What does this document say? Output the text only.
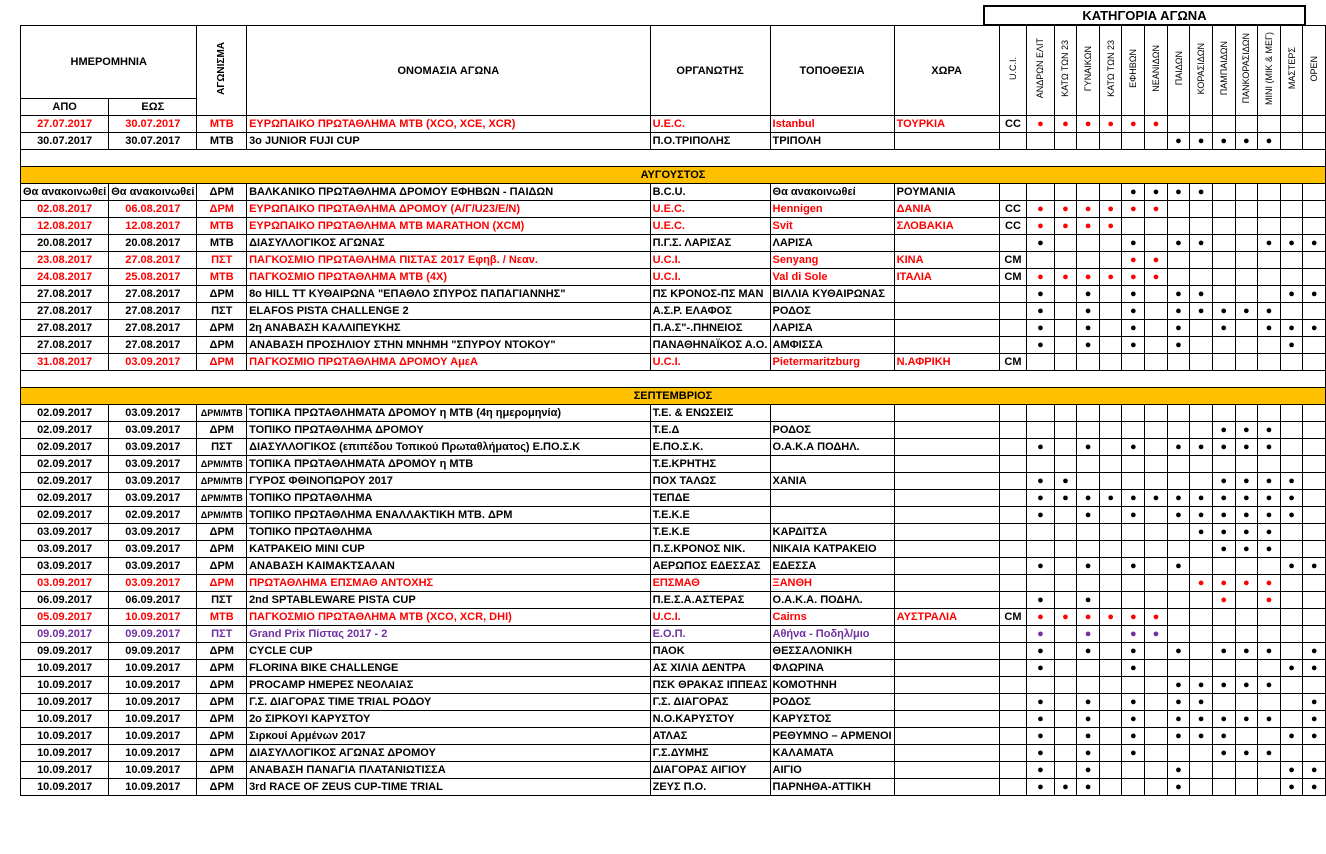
ΚΑΤΗΓΟΡΙΑ ΑΓΩΝΑ
ΗΜΕΡΟΜΗΝΙΑ		ΑΓΩΝΙΣΜΑ	ΟΝΟΜΑΣΙΑ ΑΓΩΝΑ	ΟΡΓΑΝΩΤΗΣ	ΤΟΠΟΘΕΣΙΑ	ΧΩΡΑ	U.C.I.	ΑΝΔΡΩΝ ΕΛΙΤ	ΚΑΤΩ ΤΩΝ 23	ΓΥΝΑΙΚΩΝ	ΚΑΤΩ ΤΩΝ 23	ΕΦΗΒΩΝ	ΝΕΑΝΙΔΩΝ	ΠΑΙΔΩΝ	ΚΟΡΑΣΙΔΩΝ	ΠΑΜΠΑΙΔΩΝ	ΠΑΝΚΟΡΑΣΙΔΩΝ	ΜΙΝΙ (ΜΙΚ & ΜΕΓ)	ΜΑΣΤΕΡΣ	OPEN
ΑΠΟ	ΕΩΣ																			
27.07.2017	30.07.2017	MTB	ΕΥΡΩΠΑΙΚΟ ΠΡΩΤΑΘΛΗΜΑ MTB (XCO, XCE, XCR)	U.E.C.	Istanbul	ΤΟΥΡΚΙΑ	CC	●	●	●	●	●	●							
30.07.2017	30.07.2017	MTB	3o JUNIOR FUJI CUP	Π.Ο.ΤΡΙΠΟΛΗΣ	ΤΡΙΠΟΛΗ									●	●	●	●	●		

ΑΥΓΟΥΣΤΟΣ																				
Θα ανακοινωθεί	Θα ανακοινωθεί	ΔΡΜ	ΒΑΛΚΑΝΙΚΟ ΠΡΩΤΑΘΛΗΜΑ ΔΡΟΜΟΥ ΕΦΗΒΩΝ - ΠΑΙΔΩΝ	B.C.U.	Θα ανακοινωθεί	ΡΟΥΜΑΝΙΑ						●	●	●	●					
02.08.2017	06.08.2017	ΔΡΜ	ΕΥΡΩΠΑΙΚΟ ΠΡΩΤΑΘΛΗΜΑ ΔΡΟΜΟΥ (Α/Γ/U23/Ε/Ν)	U.E.C.	Hennigen	ΔΑΝΙΑ	CC	●	●	●	●	●	●							
12.08.2017	12.08.2017	MTB	ΕΥΡΩΠΑΙΚΟ ΠΡΩΤΑΘΛΗΜΑ MTB MARATHON (XCM)	U.E.C.	Svit	ΣΛΟΒΑΚΙΑ	CC	●	●	●	●									
20.08.2017	20.08.2017	MTB	ΔΙΑΣΥΛΛΟΓΙΚΟΣ ΑΓΩΝΑΣ	Π.Γ.Σ. ΛΑΡΙΣΑΣ	ΛΑΡΙΣΑ			●				●		●	●			●	●	●
23.08.2017	27.08.2017	ΠΣΤ	ΠΑΓΚΟΣΜΙΟ ΠΡΩΤΑΘΛΗΜΑ ΠΙΣΤΑΣ 2017 Εφηβ. / Νεαν.	U.C.I.	Senyang	ΚΙΝΑ	CM					●	●							
24.08.2017	25.08.2017	MTB	ΠΑΓΚΟΣΜΙΟ ΠΡΩΤΑΘΛΗΜΑ MTB (4X)	U.C.I.	Val di Sole	ΙΤΑΛΙΑ	CM	●	●	●	●	●	●							
27.08.2017	27.08.2017	ΔΡΜ	8o HILL TT ΚΥΘΑΙΡΩΝΑ "ΕΠΑΘΛΟ ΣΠΥΡΟΣ ΠΑΠΑΓΙΑΝΝΗΣ"	ΠΣ ΚΡΟΝΟΣ-ΠΣ ΜΑΝ	ΒΙΛΛΙΑ ΚΥΘΑΙΡΩΝΑΣ			●		●		●		●	●				●	●
27.08.2017	27.08.2017	ΠΣΤ	ELAFOS PISTA CHALLENGE 2	Α.Σ.Ρ. ΕΛΑΦΟΣ	ΡΟΔΟΣ			●		●		●		●	●	●	●	●		
27.08.2017	27.08.2017	ΔΡΜ	2η ΑΝΑΒΑΣΗ ΚΑΛΛΙΠΕΥΚΗΣ	Π.Α.Σ"-.ΠΗΝΕΙΟΣ	ΛΑΡΙΣΑ			●		●		●		●		●		●	●	●
27.08.2017	27.08.2017	ΔΡΜ	ΑΝΑΒΑΣΗ ΠΡΟΣΗΛΙΟΥ ΣΤΗΝ ΜΝΗΜΗ "ΣΠΥΡΟΥ ΝΤΟΚΟΥ"	ΠΑΝΑΘΗΝΑΪΚΟΣ Α.Ο.	ΑΜΦΙΣΣΑ			●		●		●		●					●	
31.08.2017	03.09.2017	ΔΡΜ	ΠΑΓΚΟΣΜΙΟ ΠΡΩΤΑΘΛΗΜΑ ΔΡΟΜΟΥ ΑμεΑ	U.C.I.	Pietermaritzburg	Ν.ΑΦΡΙΚΗ	CM													

ΣΕΠΤΕΜΒΡΙΟΣ																				
02.09.2017	03.09.2017	ΔΡΜ/ΜΤΒ	ΤΟΠΙΚΑ ΠΡΩΤΑΘΛΗΜΑΤΑ ΔΡΟΜΟΥ η MTB (4η ημερομηνία)	Τ.Ε. & ΕΝΩΣΕΙΣ																
02.09.2017	03.09.2017	ΔΡΜ	ΤΟΠΙΚΟ ΠΡΩΤΑΘΛΗΜΑ ΔΡΟΜΟΥ	Τ.Ε.Δ	ΡΟΔΟΣ											●	●	●		
02.09.2017	03.09.2017	ΠΣΤ	ΔΙΑΣΥΛΛΟΓΙΚΟΣ (επιπέδου Τοπικού Πρωταθλήματος) Ε.ΠΟ.Σ.Κ	Ε.ΠΟ.Σ.Κ.	Ο.Α.Κ.Α ΠΟΔΗΛ.			●		●		●		●	●	●	●	●		
02.09.2017	03.09.2017	ΔΡΜ/ΜΤΒ	ΤΟΠΙΚΑ ΠΡΩΤΑΘΛΗΜΑΤΑ ΔΡΟΜΟΥ η MTB	Τ.Ε.ΚΡΗΤΗΣ																
02.09.2017	03.09.2017	ΔΡΜ/ΜΤΒ	ΓΥΡΟΣ ΦΘΙΝΟΠΩΡΟΥ 2017	ΠΟΧ ΤΑΛΩΣ	ΧΑΝΙΑ			●	●							●	●	●	●	
02.09.2017	03.09.2017	ΔΡΜ/ΜΤΒ	ΤΟΠΙΚΟ ΠΡΩΤΑΘΛΗΜΑ	ΤΕΠΔΕ				●	●	●	●	●	●	●	●	●	●	●	●	
02.09.2017	02.09.2017	ΔΡΜ/ΜΤΒ	ΤΟΠΙΚΟ ΠΡΩΤΑΘΛΗΜΑ ΕΝΑΛΛΑΚΤΙΚΗ MTB. ΔΡΜ	Τ.Ε.Κ.Ε				●		●		●		●	●	●	●	●	●	
03.09.2017	03.09.2017	ΔΡΜ	ΤΟΠΙΚΟ ΠΡΩΤΑΘΛΗΜΑ	Τ.Ε.Κ.Ε	ΚΑΡΔΙΤΣΑ										●	●	●	●		
03.09.2017	03.09.2017	ΔΡΜ	ΚΑΤΡΑΚΕΙΟ MINI CUP	Π.Σ.ΚΡΟΝΟΣ ΝΙΚ.	ΝΙΚΑΙΑ ΚΑΤΡΑΚΕΙΟ											●	●	●		
03.09.2017	03.09.2017	ΔΡΜ	ΑΝΑΒΑΣΗ ΚΑΙΜΑΚΤΣΑΛΑΝ	ΑΕΡΩΠΟΣ ΕΔΕΣΣΑΣ	ΕΔΕΣΣΑ			●		●		●		●					●	●
03.09.2017	03.09.2017	ΔΡΜ	ΠΡΩΤΑΘΛΗΜΑ ΕΠΣΜΑΘ ΑΝΤΟΧΗΣ	ΕΠΣΜΑΘ	ΞΑΝΘΗ										●	●	●	●		
06.09.2017	06.09.2017	ΠΣΤ	2nd SPTABLEWARE PISTA CUP	Π.Ε.Σ.Α.ΑΣΤΕΡΑΣ	Ο.Α.Κ.Α. ΠΟΔΗΛ.			●		●						●		●		
05.09.2017	10.09.2017	MTB	ΠΑΓΚΟΣΜΙΟ ΠΡΩΤΑΘΛΗΜΑ MTB (XCO, XCR, DHI)	U.C.I.	Cairns	ΑΥΣΤΡΑΛΙΑ	CM	●	●	●	●	●	●							
09.09.2017	09.09.2017	ΠΣΤ	Grand Prix Πίστας 2017 - 2	Ε.Ο.Π.	Αθήνα - Ποδηλ/μιο			●		●		●	●							
09.09.2017	09.09.2017	ΔΡΜ	CYCLE CUP	ΠΑΟΚ	ΘΕΣΣΑΛΟΝΙΚΗ			●		●		●		●		●	●	●		●
10.09.2017	10.09.2017	ΔΡΜ	FLORINA BIKE CHALLENGE	ΑΣ ΧΙΛΙΑ ΔΕΝΤΡΑ	ΦΛΩΡΙΝΑ			●				●							●	●
10.09.2017	10.09.2017	ΔΡΜ	PROCAMP ΗΜΕΡΕΣ ΝΕΟΛΑΙΑΣ	ΠΣΚ ΘΡΑΚΑΣ ΙΠΠΕΑΣ	ΚΟΜΟΤΗΝΗ									●	●	●	●	●		
10.09.2017	10.09.2017	ΔΡΜ	Γ.Σ. ΔΙΑΓΟΡΑΣ TIME TRIAL ΡΟΔΟΥ	Γ.Σ. ΔΙΑΓΟΡΑΣ	ΡΟΔΟΣ			●		●		●		●	●					●
10.09.2017	10.09.2017	ΔΡΜ	2o ΣΙΡΚΟΥΙ ΚΑΡΥΣΤΟΥ	Ν.Ο.ΚΑΡΥΣΤΟΥ	ΚΑΡΥΣΤΟΣ			●		●		●		●	●	●	●	●		●
10.09.2017	10.09.2017	ΔΡΜ	Σιρκουί Αρμένων 2017	ΑΤΛΑΣ	ΡΕΘΥΜΝΟ – ΑΡΜΕΝΟΙ			●		●		●		●	●	●			●	●
10.09.2017	10.09.2017	ΔΡΜ	ΔΙΑΣΥΛΛΟΓΙΚΟΣ ΑΓΩΝΑΣ ΔΡΟΜΟΥ	Γ.Σ.ΔΥΜΗΣ	ΚΑΛΑΜΑΤΑ			●		●		●				●	●	●		
10.09.2017	10.09.2017	ΔΡΜ	ΑΝΑΒΑΣΗ ΠΑΝΑΓΙΑ ΠΛΑΤΑΝΙΩΤΙΣΣΑ	ΔΙΑΓΟΡΑΣ ΑΙΓΙΟΥ	ΑΙΓΙΟ			●		●				●					●	●
10.09.2017	10.09.2017	ΔΡΜ	3rd RACE OF ZEUS CUP-TIME TRIAL	ΖΕΥΣ Π.Ο.	ΠΑΡΝΗΘΑ-ΑΤΤΙΚΗ			●	●	●				●					●	●
